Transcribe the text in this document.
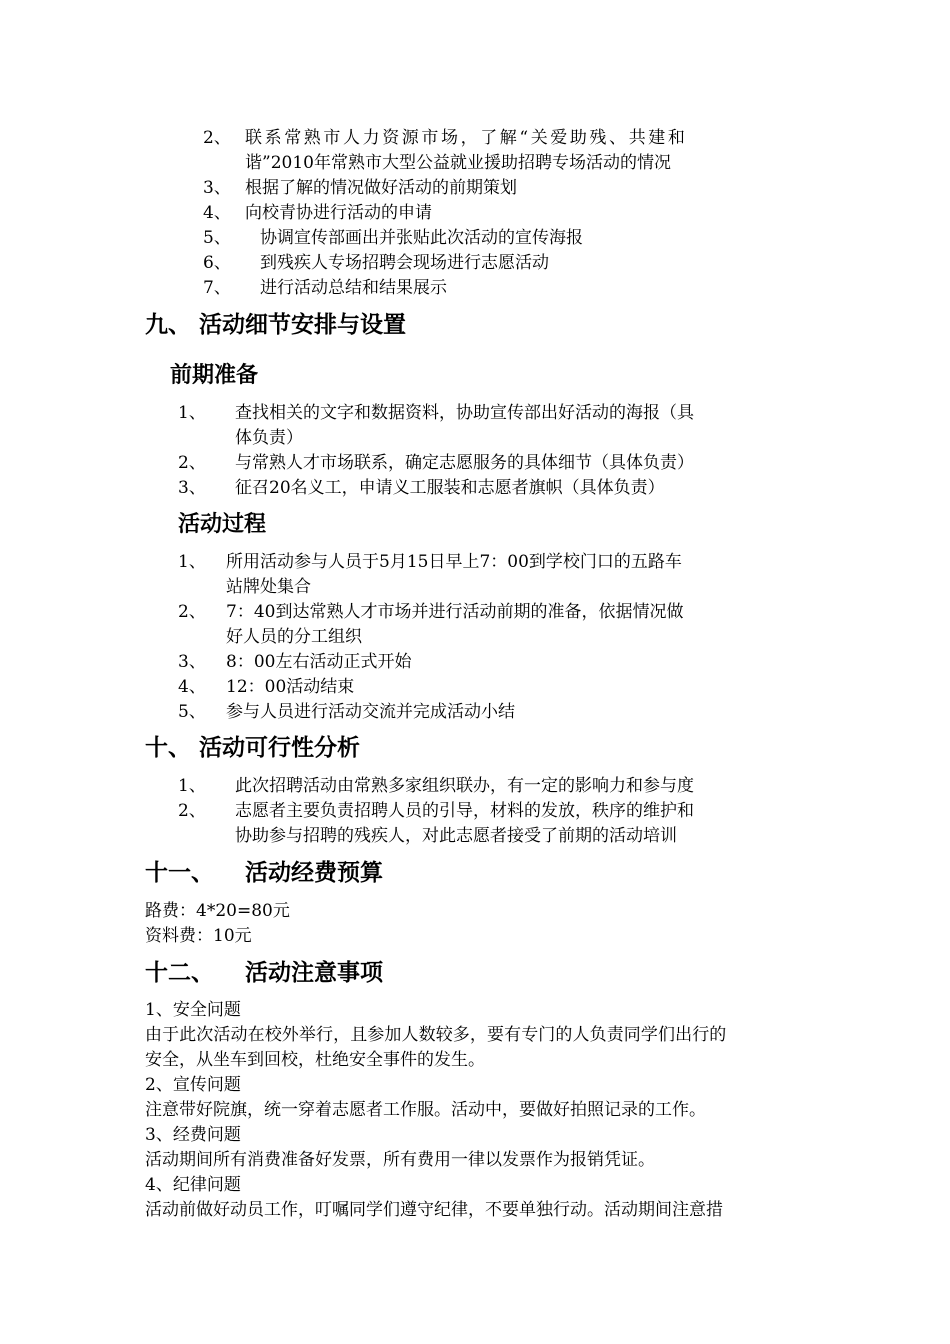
2、 联系常熟市人力资源市场，了解“关爱助残、共建和
谐”2010年常熟市大型公益就业援助招聘专场活动的情况
3、 根据了解的情况做好活动的前期策划
4、 向校青协进行活动的申请
5、 协调宣传部画出并张贴此次活动的宣传海报
6、 到残疾人专场招聘会现场进行志愿活动
7、 进行活动总结和结果展示
九、 活动细节安排与设置
前期准备
1、 查找相关的文字和数据资料，协助宣传部出好活动的海报（具
体负责）
2、 与常熟人才市场联系，确定志愿服务的具体细节（具体负责）
3、 征召20名义工，申请义工服装和志愿者旗帜（具体负责）
活动过程
1、 所用活动参与人员于5月15日早上7：00到学校门口的五路车
站牌处集合
2、 7：40到达常熟人才市场并进行活动前期的准备，依据情况做
好人员的分工组织
3、 8：00左右活动正式开始
4、 12：00活动结束
5、 参与人员进行活动交流并完成活动小结
十、 活动可行性分析
1、 此次招聘活动由常熟多家组织联办，有一定的影响力和参与度
2、 志愿者主要负责招聘人员的引导，材料的发放，秩序的维护和
协助参与招聘的残疾人，对此志愿者接受了前期的活动培训
十一、 活动经费预算
路费：4*20=80元
资料费：10元
十二、 活动注意事项
1、安全问题
由于此次活动在校外举行，且参加人数较多，要有专门的人负责同学们出行的
安全，从坐车到回校，杜绝安全事件的发生。
2、宣传问题
注意带好院旗，统一穿着志愿者工作服。活动中，要做好拍照记录的工作。
3、经费问题
活动期间所有消费准备好发票，所有费用一律以发票作为报销凭证。
4、纪律问题
活动前做好动员工作，叮嘱同学们遵守纪律，不要单独行动。活动期间注意措
